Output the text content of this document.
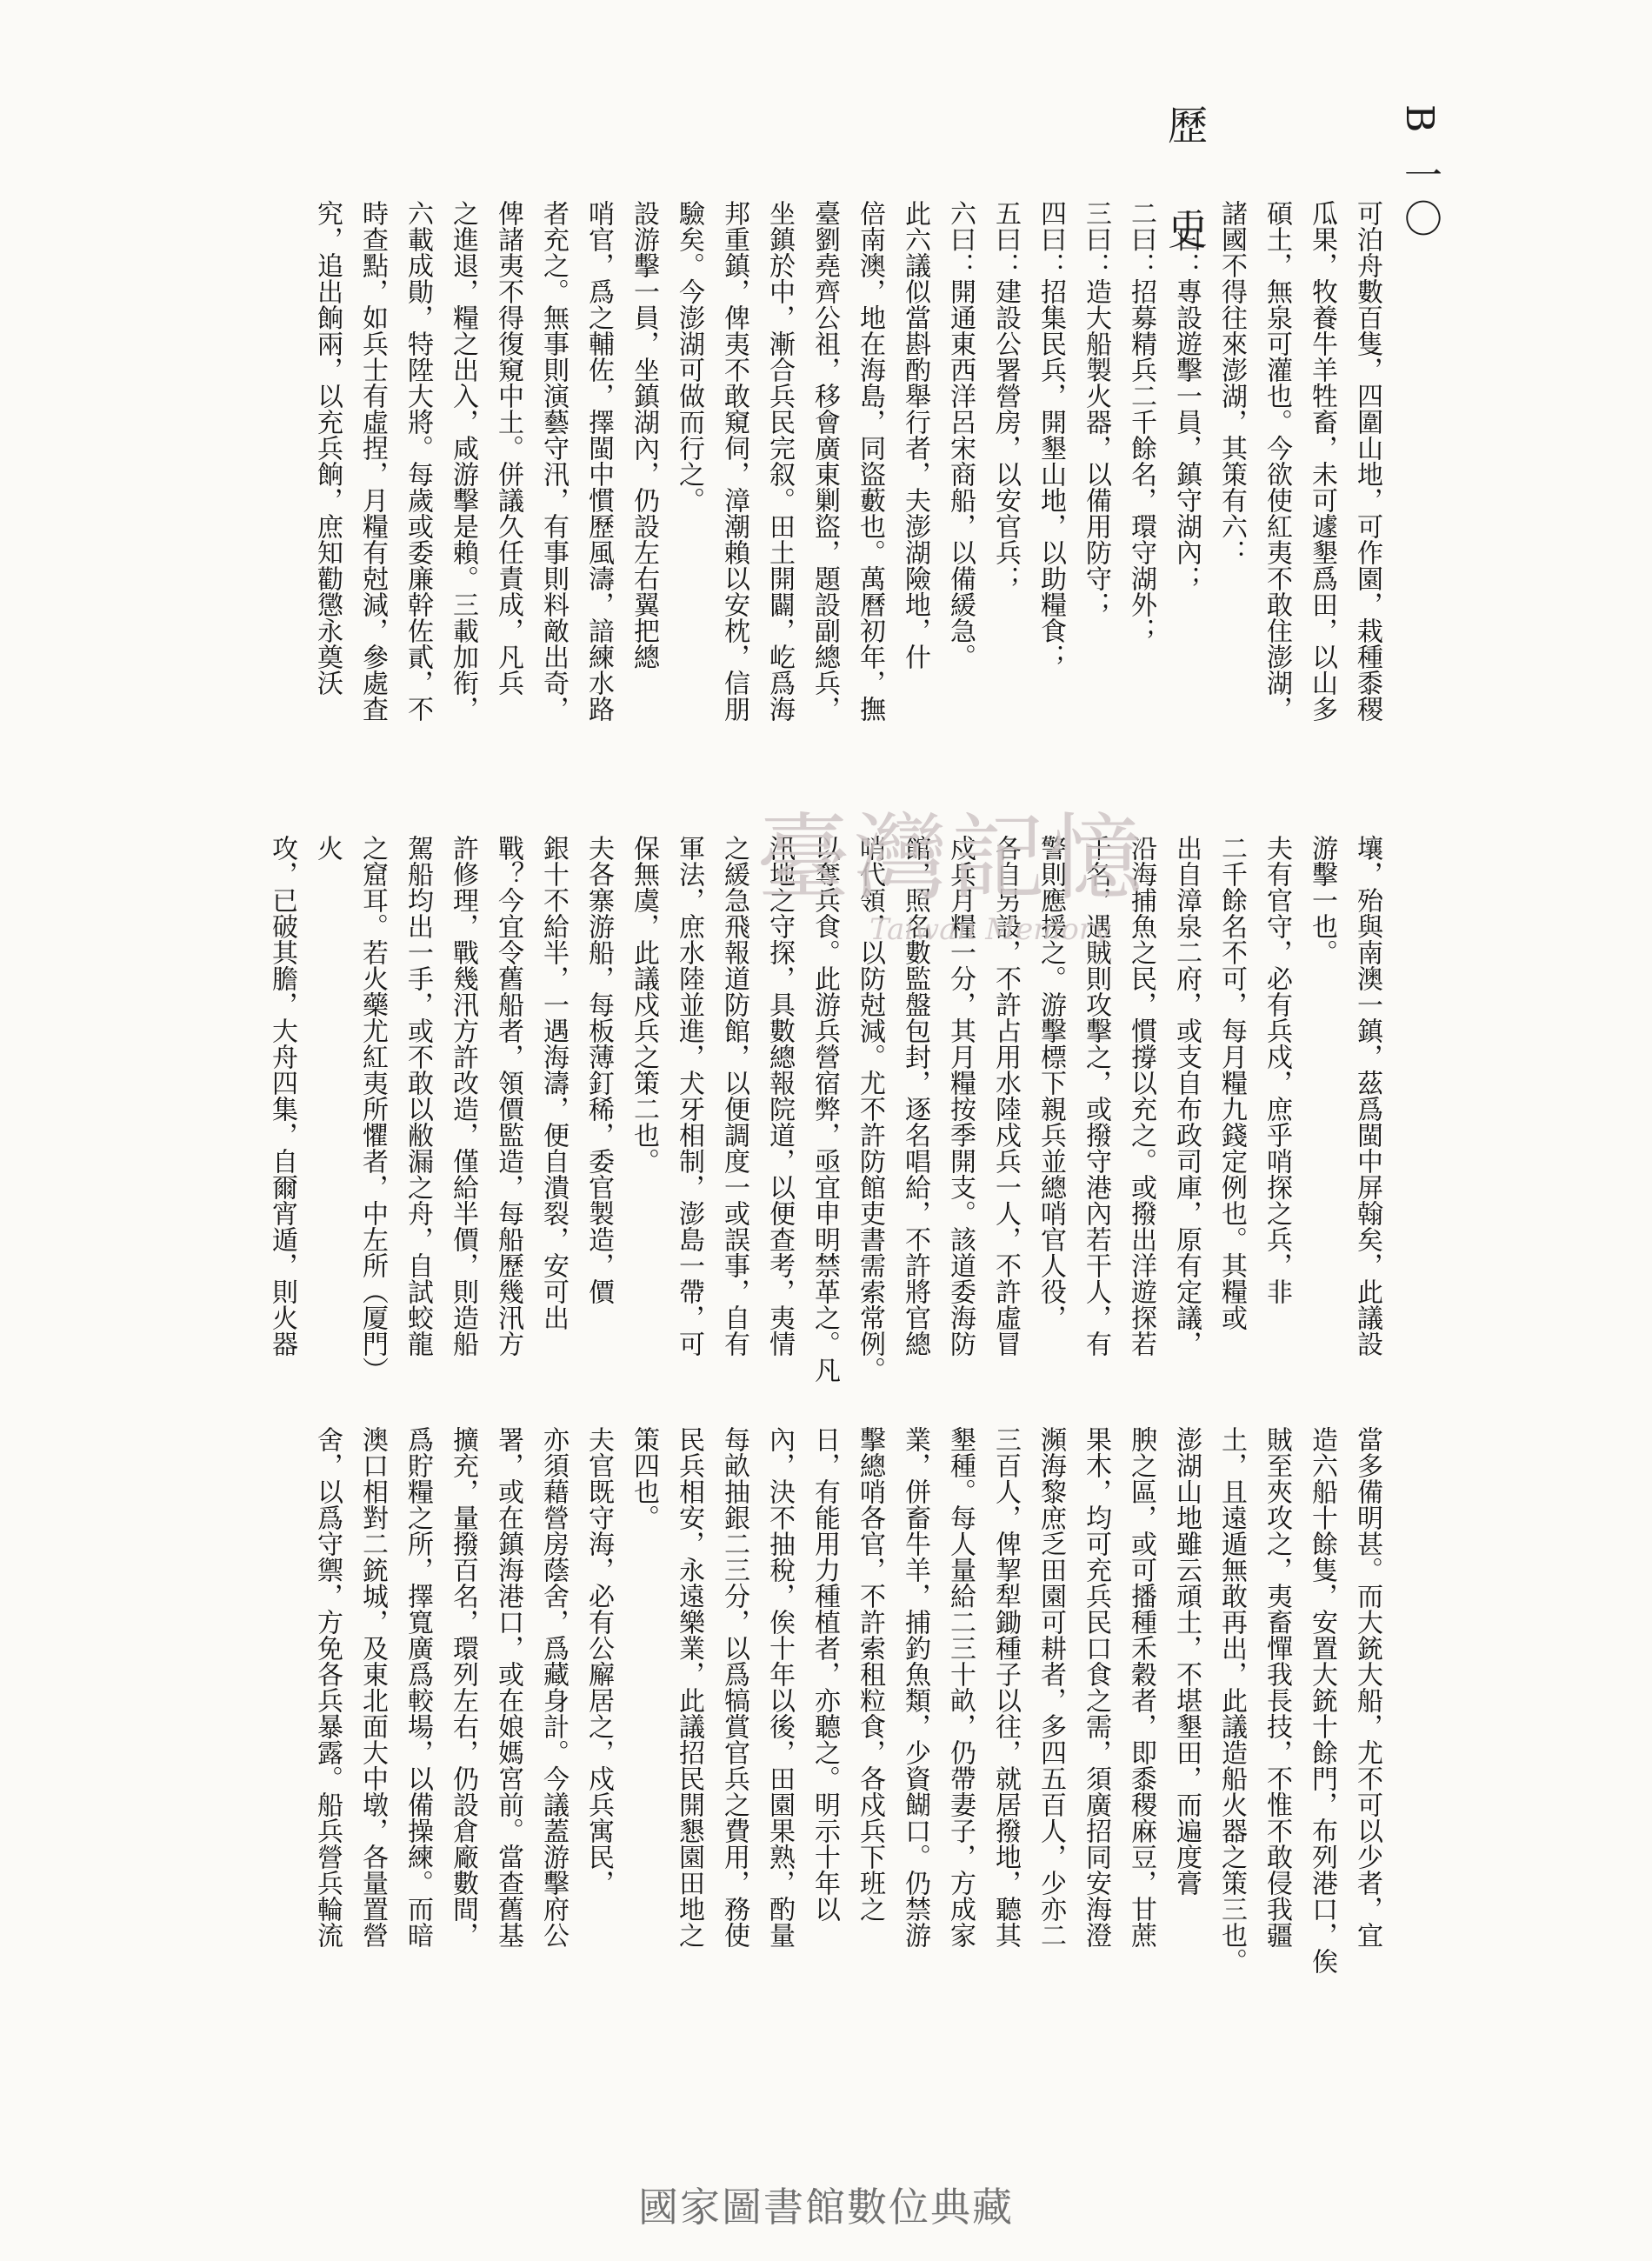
歷 史	B 一〇

可泊舟數百隻，四圍山地，可作園，栽種黍稷

瓜果，牧養牛羊牲畜，未可遽墾爲田，以山多

碩土，無泉可灌也。今欲使紅夷不敢住澎湖，

諸國不得往來澎湖，其策有六：

一曰：專設遊擊一員，鎮守湖內；

二曰：招募精兵二千餘名，環守湖外；

三曰：造大船製火器，以備用防守；

四曰：招集民兵，開墾山地，以助糧食；

五曰：建設公署營房，以安官兵；

六曰：開通東西洋呂宋商船，以備緩急。

此六議似當斟酌舉行者，夫澎湖險地，什

倍南澳，地在海島，同盜藪也。萬曆初年，撫

臺劉堯齊公祖，移會廣東剿盜，題設副總兵，

坐鎮於中，漸合兵民完叙。田土開闢，屹爲海

邦重鎮，俾夷不敢窺伺，漳潮賴以安枕，信朋

驗矣。今澎湖可做而行之。

設游擊一員，坐鎮湖內，仍設左右翼把總

哨官，爲之輔佐，擇閩中慣歷風濤，諳練水路

者充之。無事則演藝守汛，有事則料敵出奇，

俾諸夷不得復窺中土。併議久任責成，凡兵

之進退，糧之出入，咸游擊是賴。三載加衔，

六載成勛，特陞大將。每歲或委廉幹佐貳，不

時查點，如兵士有虛捏，月糧有尅減，參處査

究，追出餉兩，以充兵餉，庶知勸懲永奠沃

壤，殆與南澳一鎮，茲爲閩中屏翰矣，此議設

游擊一也。

夫有官守，必有兵戍，庶乎哨探之兵，非

二千餘名不可，每月糧九錢定例也。其糧或

出自漳泉二府，或支自布政司庫，原有定議，

沿海捕魚之民，慣撐以充之。或撥出洋遊探若

千名，遇賊則攻擊之，或撥守港內若干人，有

警則應援之。游擊標下親兵並總哨官人役，

各自另設，不許占用水陸戍兵一人，不許虛冒

戍兵月糧一分，其月糧按季開支。該道委海防

館，照名數監盤包封，逐名唱給，不許將官總

哨代領，以防尅減。尤不許防館吏書需索常例。

以奪兵食。此游兵營宿弊，亟宜申明禁革之。凡

汛地之守探，具數總報院道，以便查考，夷情

之緩急飛報道防館，以便調度一或誤事，自有

軍法，庶水陸並進，犬牙相制，澎島一帶，可

保無虞，此議戍兵之策二也。

夫各寨游船，每板薄釘稀，委官製造，價

銀十不給半，一遇海濤，便自潰裂，安可出

戰？今宜令舊船者，領價監造，每船歷幾汛方

許修理，戰幾汛方許改造，僅給半價，則造船

駕船均出一手，或不敢以敝漏之舟，自試蛟龍

之窟耳。若火藥尤紅夷所懼者，中左所（厦門）火

攻，已破其膽，大舟四集，自爾宵遁，則火器

當多備明甚。而大銃大船，尤不可以少者，宜

造六船十餘隻，安置大銃十餘門，布列港口，俟

賊至夾攻之，夷畜憚我長技，不惟不敢侵我疆

土，且遠遁無敢再出，此議造船火器之策三也。

澎湖山地雖云頑土，不堪墾田，而遍度膏

腴之區，或可播種禾穀者，即黍稷麻豆，甘蔗

果木，均可充兵民口食之需，須廣招同安海澄

瀕海黎庶乏田園可耕者，多四五百人，少亦二

三百人，俾挈犁鋤種子以往，就居撥地，聽其

墾種。每人量給二三十畝，仍帶妻子，方成家

業，併畜牛羊，捕釣魚類，少資餬口。仍禁游

擊總哨各官，不許索租粒食，各戍兵下班之

日，有能用力種植者，亦聽之。明示十年以

內，決不抽稅，俟十年以後，田園果熟，酌量

每畝抽銀二三分，以爲犒賞官兵之費用，務使

民兵相安，永遠樂業，此議招民開懇園田地之

策四也。

夫官既守海，必有公廨居之，戍兵寓民，

亦須藉營房蔭舍，爲藏身計。今議蓋游擊府公

署，或在鎮海港口，或在娘媽宮前。當查舊基

擴充，量撥百名，環列左右，仍設倉廠數間，

爲貯糧之所，擇寬廣爲較場，以備操練。而暗

澳口相對二銃城，及東北面大中墩，各量置營

舍，以爲守禦，方免各兵暴露。船兵營兵輪流

臺灣記憶
Taiwan Memory
國家圖書館數位典藏
